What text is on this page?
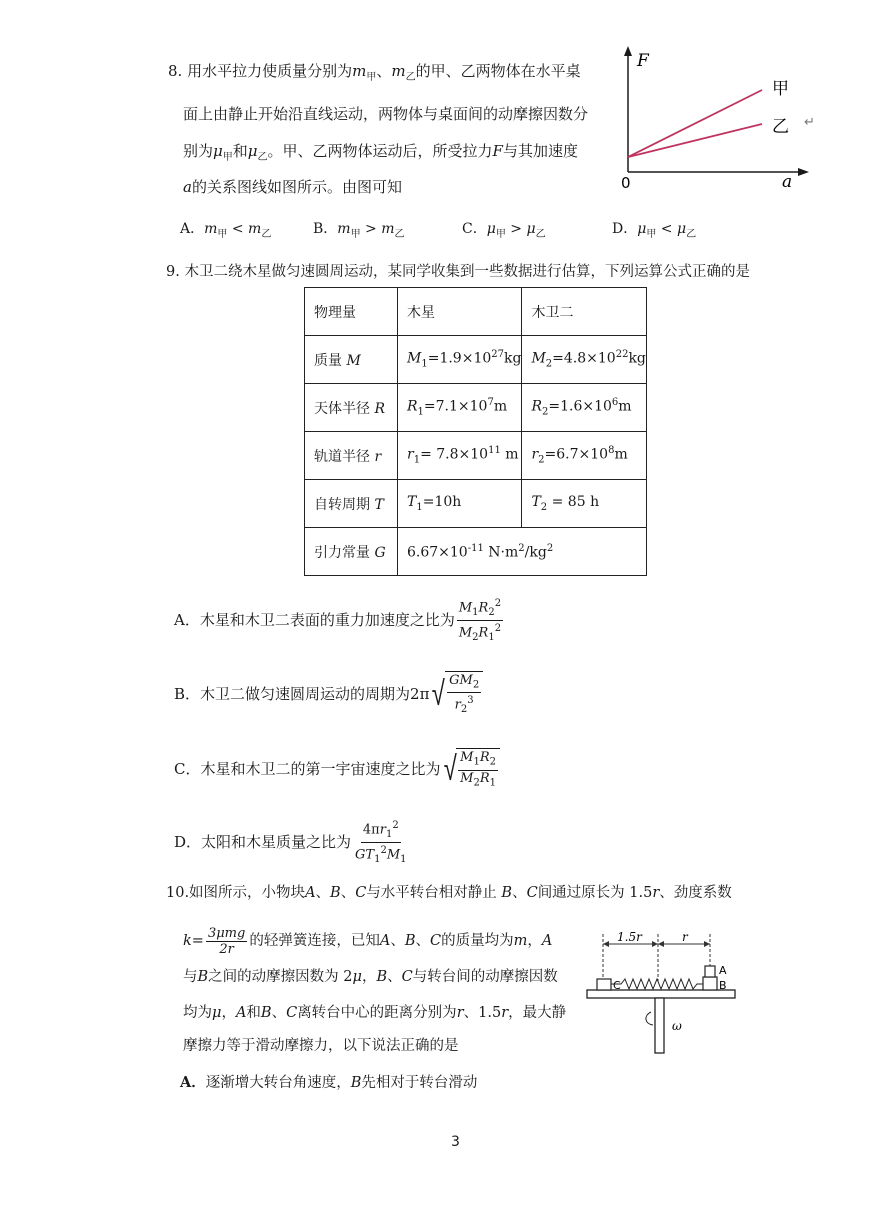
8. 用水平拉力使质量分别为$m_甲$、$m_乙$的甲、乙两物体在水平桌
面上由静止开始沿直线运动，两物体与桌面间的动摩擦因数分
别为$\mu_甲$和$\mu_乙$。甲、乙两物体运动后，所受拉力F与其加速度
a的关系图线如图所示。由图可知
F
a
0
甲
乙 ↵
A．$m_甲 < m_乙$	B．$m_甲 > m_乙$	C．$\mu_甲 > \mu_乙$	D．$\mu_甲 < \mu_乙$
9. 木卫二绕木星做匀速圆周运动，某同学收集到一些数据进行估算，下列运算公式正确的是
物理量	木星	木卫二
质量 M	$M_1=1.9\times 10^{27}kg$	$M_2=4.8\times 10^{22}kg$
天体半径 R	$R_1=7.1\times 10^7m$	$R_2=1.6\times 10^6m$
轨道半径 r	$r_1= 7.8\times 10^{11}$ m	$r_2=6.7\times 10^8m$
自转周期 T	$T_1=10h$	$T_2 = 85$ h
引力常量 G	$6.67\times 10^{-11}$ $N\cdot m^2/kg^2$
A． 木星和木卫二表面的重力加速度之比为 $\frac{M_1R_2^2}{M_2R_1^2}$
B． 木卫二做匀速圆周运动的周期为 2π √ $\frac{GM_2}{r_2^3}$
C． 木星和木卫二的第一宇宙速度之比为 √ $\frac{M_1R_2}{M_2R_1}$
D． 太阳和木星质量之比为 $\frac{4\pi r_1^2}{GT_1^2M_1}$
10.如图所示，小物块A、B、C与水平转台相对静止 B、C间通过原长为 1.5r、劲度系数
$k = \frac{\text{3μmg}}{2r}$ 的轻弹簧连接，已知 A 、 B 、 C 的质量均为 m ， A
与B之间的动摩擦因数为 2μ，B、C与转台间的动摩擦因数
均为μ，A和B、C离转台中心的距离分别为r、1.5r，最大静
摩擦力等于滑动摩擦力，以下说法正确的是
A．逐渐增大转台角速度，B先相对于转台滑动
1.5r	r
ω
C	B
A
3
